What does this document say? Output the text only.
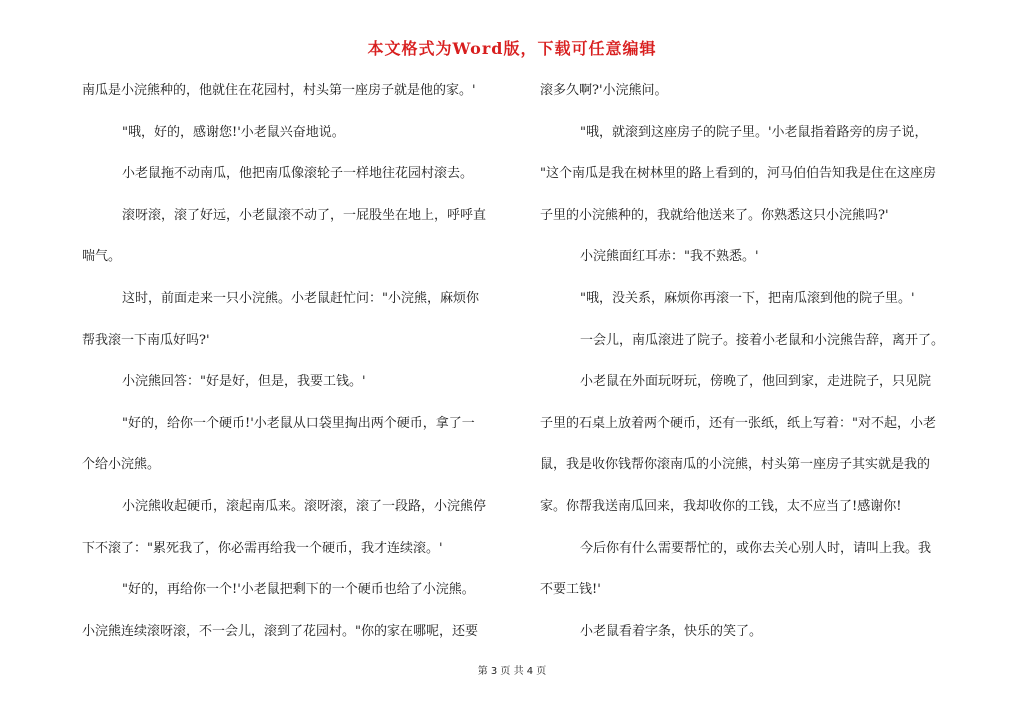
本文格式为Word版，下载可任意编辑
南瓜是小浣熊种的，他就住在花园村，村头第一座房子就是他的家。'
"哦，好的，感谢您!'小老鼠兴奋地说。
小老鼠拖不动南瓜，他把南瓜像滚轮子一样地往花园村滚去。
滚呀滚，滚了好远，小老鼠滚不动了，一屁股坐在地上，呼呼直
喘气。
这时，前面走来一只小浣熊。小老鼠赶忙问："小浣熊，麻烦你
帮我滚一下南瓜好吗?'
小浣熊回答："好是好，但是，我要工钱。'
"好的，给你一个硬币!'小老鼠从口袋里掏出两个硬币，拿了一
个给小浣熊。
小浣熊收起硬币，滚起南瓜来。滚呀滚，滚了一段路，小浣熊停
下不滚了："累死我了，你必需再给我一个硬币，我才连续滚。'
"好的，再给你一个!'小老鼠把剩下的一个硬币也给了小浣熊。
小浣熊连续滚呀滚，不一会儿，滚到了花园村。"你的家在哪呢，还要
滚多久啊?'小浣熊问。
"哦，就滚到这座房子的院子里。'小老鼠指着路旁的房子说，
"这个南瓜是我在树林里的路上看到的，河马伯伯告知我是住在这座房
子里的小浣熊种的，我就给他送来了。你熟悉这只小浣熊吗?'
小浣熊面红耳赤："我不熟悉。'
"哦，没关系，麻烦你再滚一下，把南瓜滚到他的院子里。'
一会儿，南瓜滚进了院子。接着小老鼠和小浣熊告辞，离开了。
小老鼠在外面玩呀玩，傍晚了，他回到家，走进院子，只见院
子里的石桌上放着两个硬币，还有一张纸，纸上写着："对不起，小老
鼠，我是收你钱帮你滚南瓜的小浣熊，村头第一座房子其实就是我的
家。你帮我送南瓜回来，我却收你的工钱，太不应当了!感谢你!
今后你有什么需要帮忙的，或你去关心别人时，请叫上我。我
不要工钱!'
小老鼠看着字条，快乐的笑了。
第 3 页 共 4 页
